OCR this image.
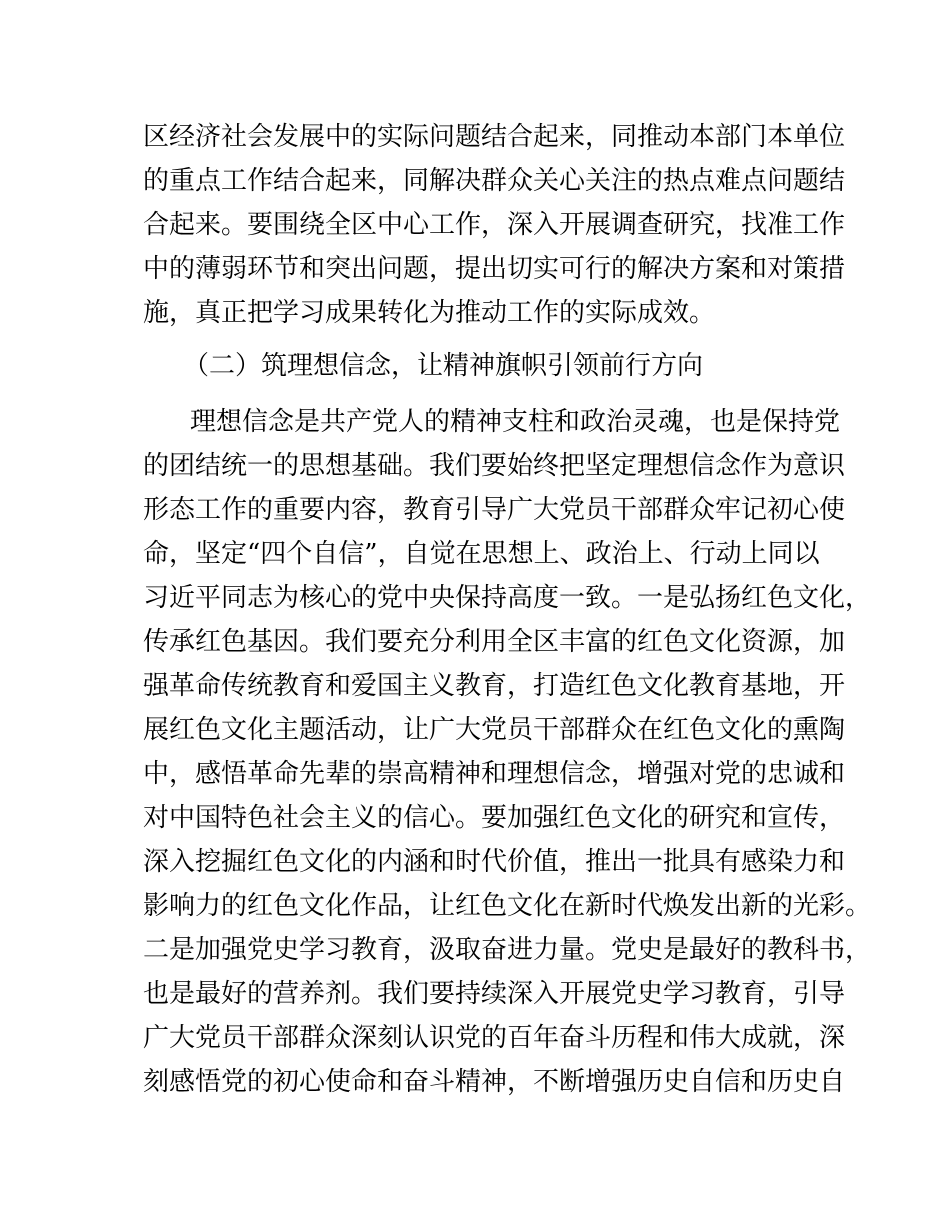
区经济社会发展中的实际问题结合起来，同推动本部门本单位

的重点工作结合起来，同解决群众关心关注的热点难点问题结

合起来。要围绕全区中心工作，深入开展调查研究，找准工作

中的薄弱环节和突出问题，提出切实可行的解决方案和对策措

施，真正把学习成果转化为推动工作的实际成效。

（二）筑理想信念，让精神旗帜引领前行方向

理想信念是共产党人的精神支柱和政治灵魂，也是保持党

的团结统一的思想基础。我们要始终把坚定理想信念作为意识

形态工作的重要内容，教育引导广大党员干部群众牢记初心使

命，坚定“四个自信”，自觉在思想上、政治上、行动上同以

习近平同志为核心的党中央保持高度一致。一是弘扬红色文化，

传承红色基因。我们要充分利用全区丰富的红色文化资源，加

强革命传统教育和爱国主义教育，打造红色文化教育基地，开

展红色文化主题活动，让广大党员干部群众在红色文化的熏陶

中，感悟革命先辈的崇高精神和理想信念，增强对党的忠诚和

对中国特色社会主义的信心。要加强红色文化的研究和宣传，

深入挖掘红色文化的内涵和时代价值，推出一批具有感染力和

影响力的红色文化作品，让红色文化在新时代焕发出新的光彩。

二是加强党史学习教育，汲取奋进力量。党史是最好的教科书，

也是最好的营养剂。我们要持续深入开展党史学习教育，引导

广大党员干部群众深刻认识党的百年奋斗历程和伟大成就，深

刻感悟党的初心使命和奋斗精神，不断增强历史自信和历史自
